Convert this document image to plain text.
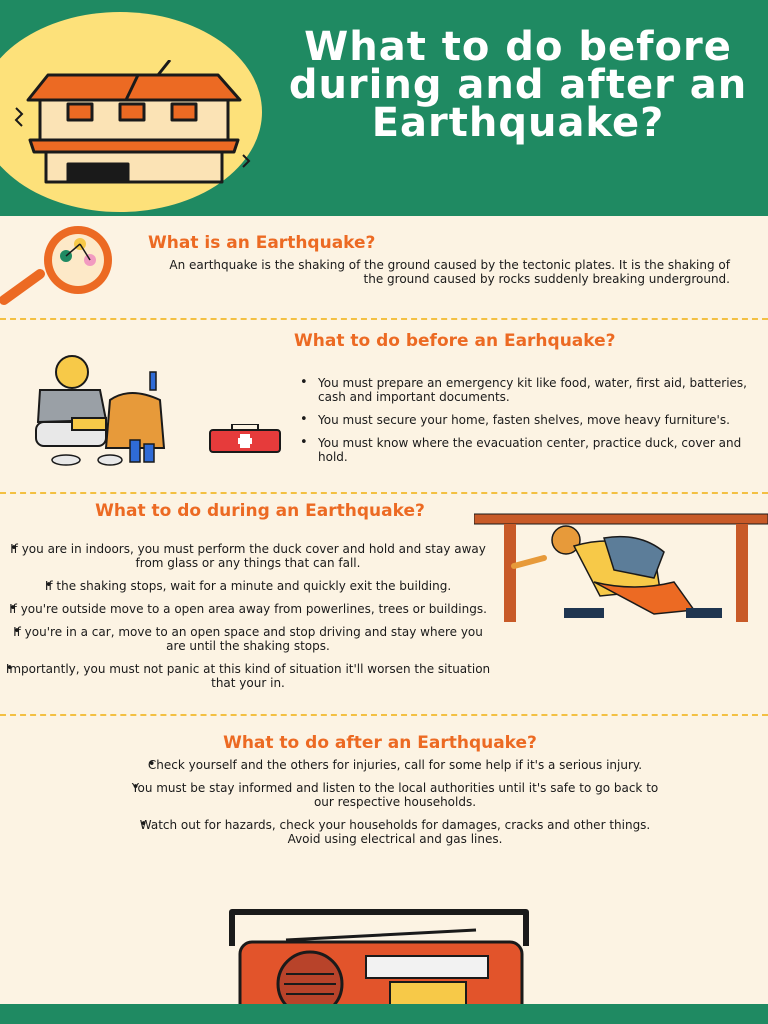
What to do before during and after an Earthquake?
What is an Earthquake?
An earthquake is the shaking of the ground caused by the tectonic plates. It is the shaking of the ground caused by rocks suddenly breaking underground.
What to do before an Earhquake?
• You must prepare an emergency kit like food, water, first aid, batteries, cash and important documents.
• You must secure your home, fasten shelves, move heavy furniture's.
• You must know where the evacuation center, practice duck, cover and hold.
What to do during an Earthquake?
• If you are in indoors, you must perform the duck cover and hold and stay away from glass or any things that can fall.
• If the shaking stops, wait for a minute and quickly exit the building.
• If you're outside move to a open area away from powerlines, trees or buildings.
• If you're in a car, move to an open space and stop driving and stay where you are until the shaking stops.
• Importantly, you must not panic at this kind of situation it'll worsen the situation that your in.
What to do after an Earthquake?
• Check yourself and the others for injuries, call for some help if it's a serious injury.
• You must be stay informed and listen to the local authorities until it's safe to go back to our respective households.
• Watch out for hazards, check your households for damages, cracks and other things. Avoid using electrical and gas lines.
